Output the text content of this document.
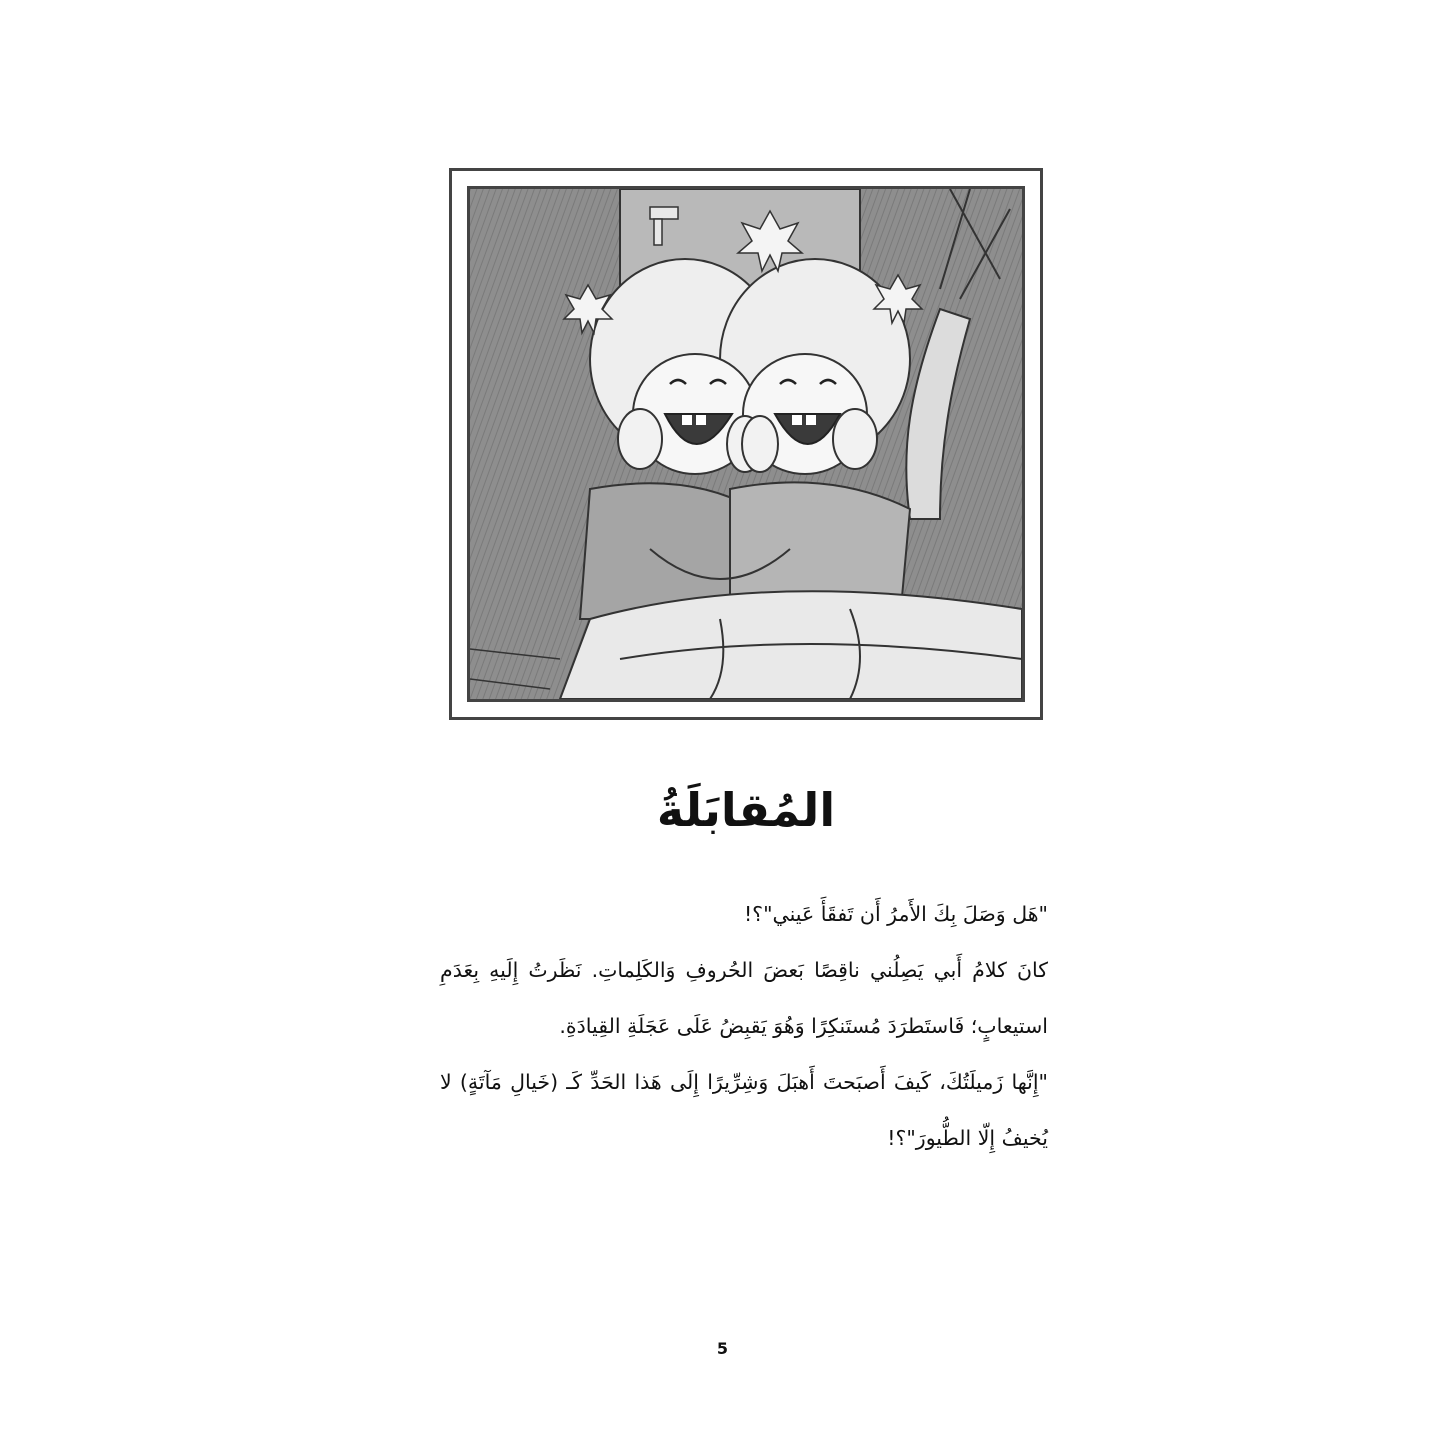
المُقابَلَةُ

"هَل وَصَلَ بِكَ الأَمرُ أَن تَفقَأَ عَيني"؟!

كانَ كلامُ أَبي يَصِلُني ناقِصًا بَعضَ الحُروفِ وَالكَلِماتِ. نَظَرتُ إِلَيهِ بِعَدَمِ استيعابٍ؛ فَاستَطرَدَ مُستَنكِرًا وَهُوَ يَقبِضُ عَلَى عَجَلَةِ القِيادَةِ.

"إِنَّها زَميلَتُكَ، كَيفَ أَصبَحتَ أَهبَلَ وَشِرِّيرًا إِلَى هَذا الحَدِّ كَـ (خَيالِ مَآتَةٍ) لا يُخيفُ إِلّا الطُّيورَ"؟!

5
